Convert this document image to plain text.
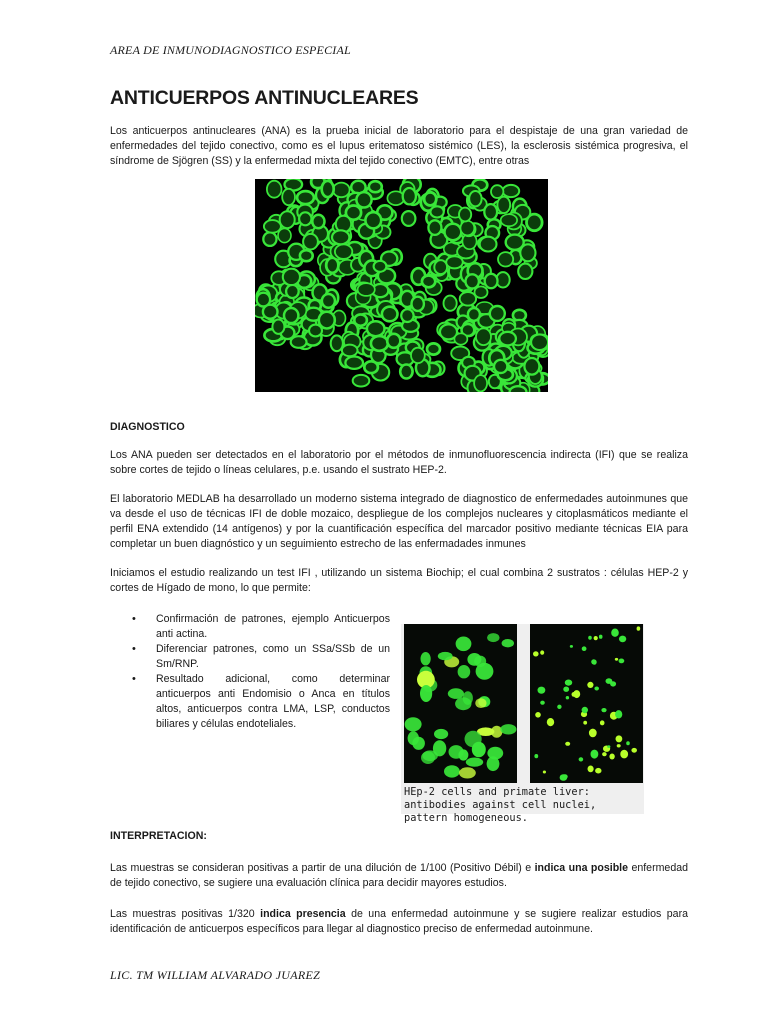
AREA DE INMUNODIAGNOSTICO ESPECIAL
ANTICUERPOS ANTINUCLEARES

Los anticuerpos antinucleares (ANA) es la prueba inicial de laboratorio para el despistaje de una gran variedad de enfermedades del tejido conectivo, como es el lupus eritematoso sistémico (LES), la esclerosis sistémica progresiva, el síndrome de Sjögren (SS) y la enfermedad mixta del tejido conectivo (EMTC), entre otras

DIAGNOSTICO

Los ANA pueden ser detectados en el laboratorio por el métodos de inmunofluorescencia indirecta (IFI) que se realiza sobre cortes de tejido o líneas celulares, p.e. usando el sustrato HEP-2.

El laboratorio MEDLAB ha desarrollado un moderno sistema integrado de diagnostico de enfermedades autoinmunes que va desde el uso de técnicas IFI de doble mozaico, despliegue de los complejos nucleares y citoplasmáticos mediante el perfil ENA extendido (14 antígenos) y por la cuantificación específica del marcador positivo mediante técnicas EIA para completar un buen diagnóstico y un seguimiento estrecho de las enfermadades inmunes

Iniciamos el estudio realizando un test IFI , utilizando un sistema Biochip; el cual combina 2 sustratos : células HEP-2 y cortes de Hígado de mono, lo que permite:

• Confirmación de patrones, ejemplo Anticuerpos anti actina.
• Diferenciar patrones, como un SSa/SSb de un Sm/RNP.
• Resultado adicional, como determinar anticuerpos anti Endomisio o Anca en títulos altos, anticuerpos contra LMA, LSP, conductos biliares y células endoteliales.
HEp-2 cells and primate liver: antibodies against cell nuclei, pattern homogeneous.
INTERPRETACION:

Las muestras se consideran positivas a partir de una dilución de 1/100 (Positivo Débil) e indica una posible enfermedad de tejido conectivo, se sugiere una evaluación clínica para decidir mayores estudios.

Las muestras positivas 1/320 indica presencia de una enfermedad autoinmune y se sugiere realizar estudios para identificación de anticuerpos específicos para llegar al diagnostico preciso de enfermedad autoinmune.

LIC. TM WILLIAM ALVARADO JUAREZ
